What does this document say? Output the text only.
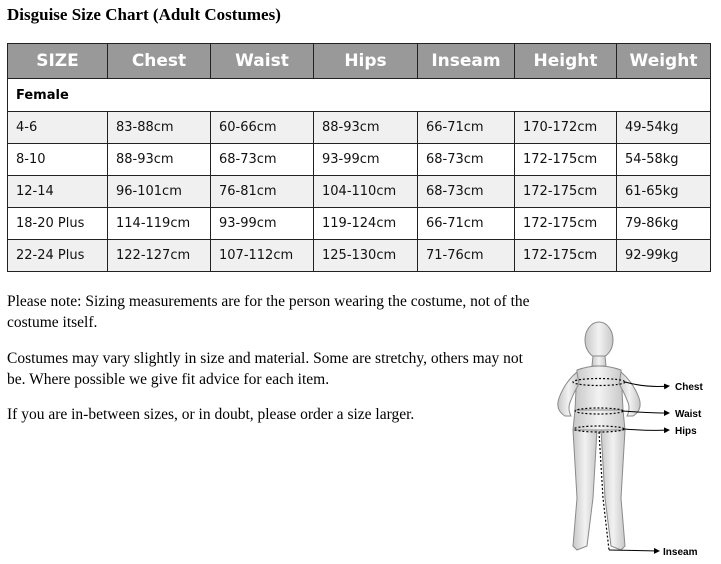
Disguise Size Chart (Adult Costumes)
SIZE	Chest	Waist	Hips	Inseam	Height	Weight
Female						
4-6	83-88cm	60-66cm	88-93cm	66-71cm	170-172cm	49-54kg
8-10	88-93cm	68-73cm	93-99cm	68-73cm	172-175cm	54-58kg
12-14	96-101cm	76-81cm	104-110cm	68-73cm	172-175cm	61-65kg
18-20 Plus	114-119cm	93-99cm	119-124cm	66-71cm	172-175cm	79-86kg
22-24 Plus	122-127cm	107-112cm	125-130cm	71-76cm	172-175cm	92-99kg

Please note: Sizing measurements are for the person wearing the costume, not of the costume itself.

Costumes may vary slightly in size and material. Some are stretchy, others may not be. Where possible we give fit advice for each item.

If you are in-between sizes, or in doubt, please order a size larger.

Chest
Waist
Hips
Inseam
